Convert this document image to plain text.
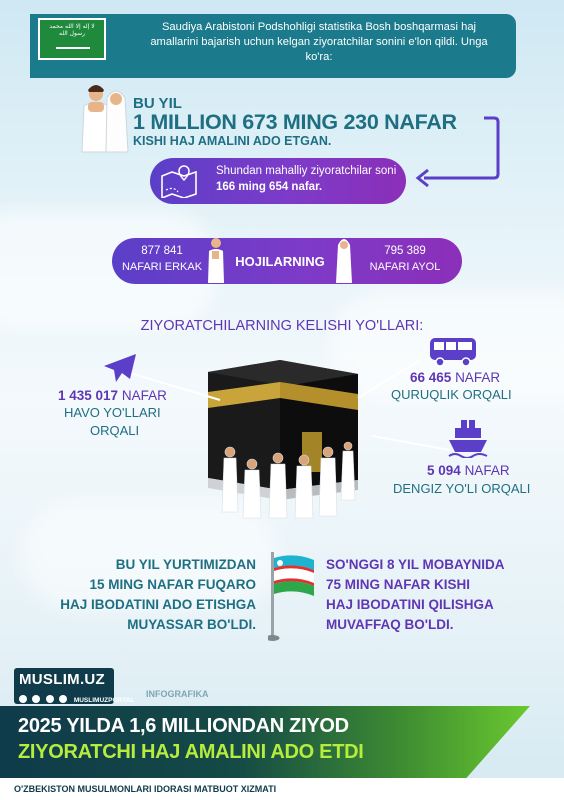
لا إله إلا الله محمد رسول الله
Saudiya Arabistoni Podshohligi statistika Bosh boshqarmasi haj amallarini bajarish uchun kelgan ziyoratchilar sonini e'lon qildi. Unga ko'ra:
BU YIL
1 MILLION 673 MING 230 NAFAR
KISHI HAJ AMALINI ADO ETGAN.
Shundan mahalliy ziyoratchilar soni
166 ming 654 nafar.
877 841
NAFARI ERKAK	HOJILARNING
795 389
NAFARI AYOL
ZIYORATCHILARNING KELISHI YO'LLARI:
1 435 017 NAFAR
HAVO YO'LLARI
ORQALI
66 465 NAFAR
QURUQLIK ORQALI
5 094 NAFAR
DENGIZ YO'LI ORQALI
BU YIL YURTIMIZDAN
15 MING NAFAR FUQARO
HAJ IBODATINI ADO ETISHGA
MUYASSAR BO'LDI.
SO'NGGI 8 YIL MOBAYNIDA
75 MING NAFAR KISHI
HAJ IBODATINI QILISHGA
MUVAFFAQ BO'LDI.
MUSLIM.UZ
MUSLIMUZPORTAL
INFOGRAFIKA
2025 YILDA 1,6 MILLIONDAN ZIYOD
ZIYORATCHI HAJ AMALINI ADO ETDI
O'ZBEKISTON MUSULMONLARI IDORASI MATBUOT XIZMATI
